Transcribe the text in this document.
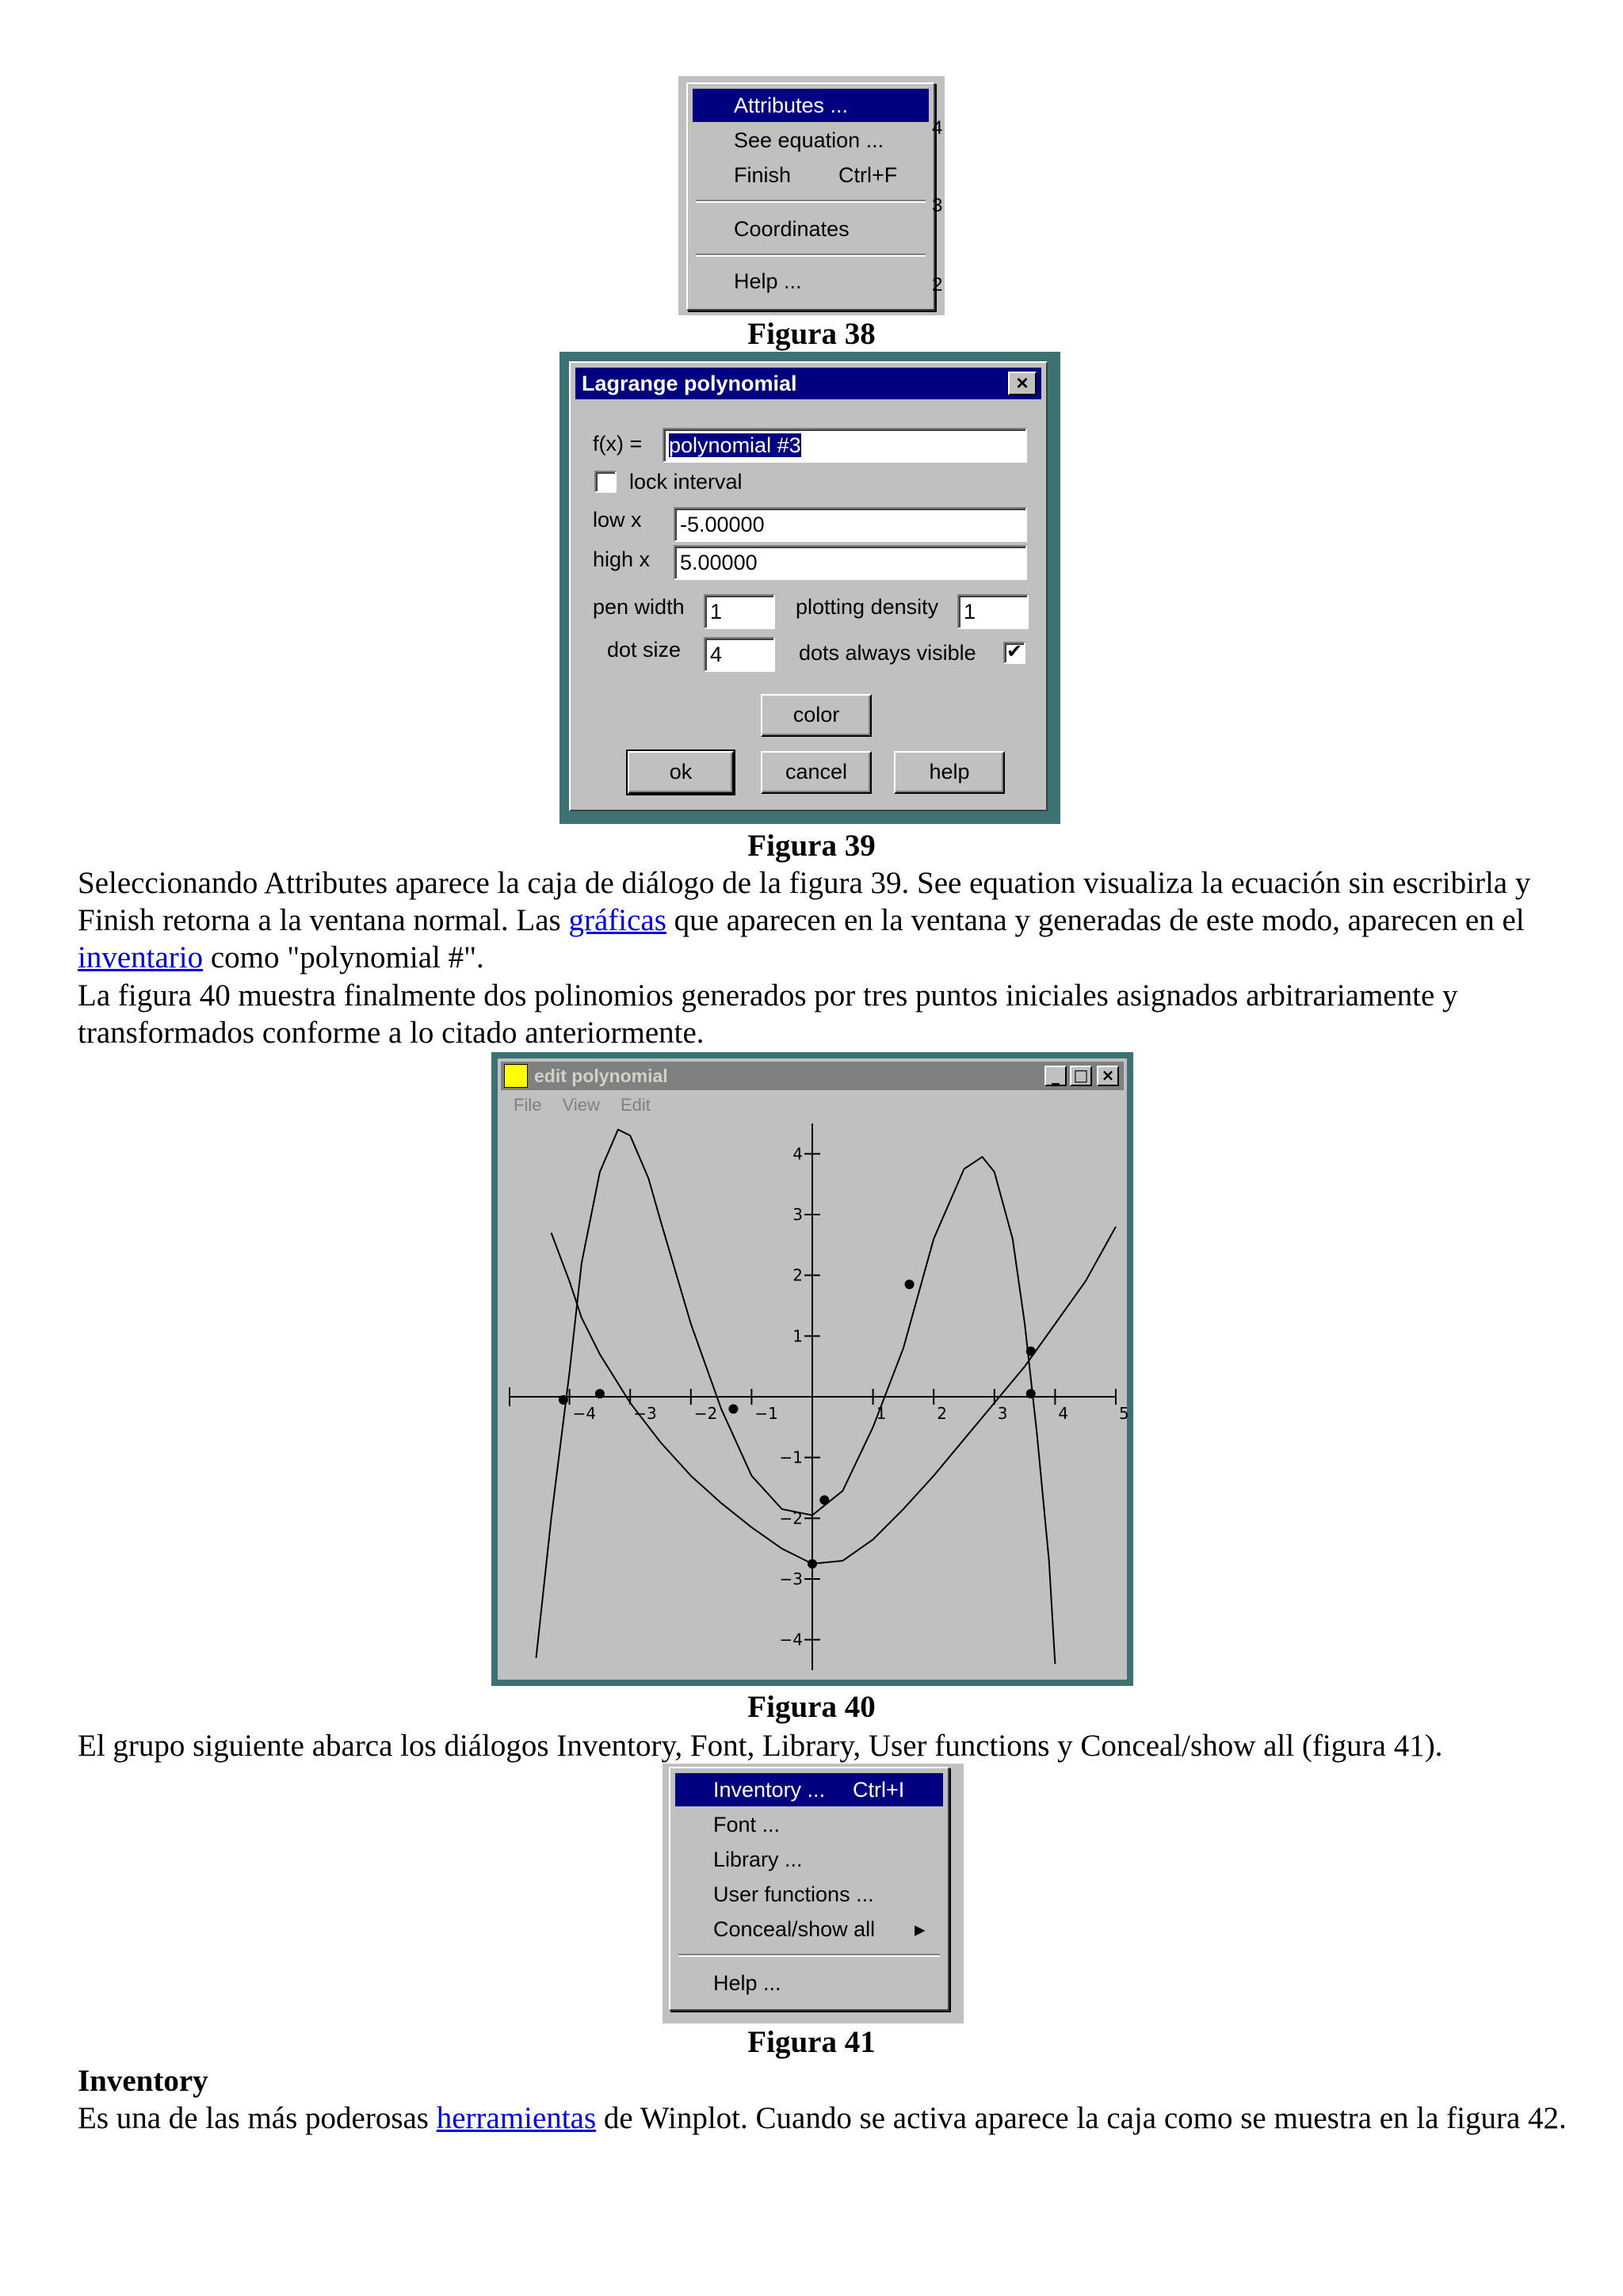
Attributes ...
See equation ...
Finish Ctrl+F
Coordinates
Help ...
4
3
2
Figura 38
Lagrange polynomial	×
f(x) = polynomial #3
lock interval
low x -5.00000
high x 5.00000
pen width 1	plotting density 1
dot size 4	dots always visible ✔
color
ok	cancel	help
Figura 39
Seleccionando Attributes aparece la caja de diálogo de la figura 39. See equation visualiza la ecuación sin escribirla y Finish retorna a la ventana normal. Las gráficas que aparecen en la ventana y generadas de este modo, aparecen en el inventario como "polynomial #".
La figura 40 muestra finalmente dos polinomios generados por tres puntos iniciales asignados arbitrariamente y transformados conforme a lo citado anteriormente.
edit polynomial	_ □ ×
File View Edit
−4 −3 −2 −1	1	2	3	4	5
4
3
2
1
−1
−2
−3
−4
Figura 40
El grupo siguiente abarca los diálogos Inventory, Font, Library, User functions y Conceal/show all (figura 41).
Inventory ... Ctrl+I
Font ...
Library ...
User functions ...
Conceal/show all ▸
Help ...
Figura 41
Inventory
Es una de las más poderosas herramientas de Winplot. Cuando se activa aparece la caja como se muestra en la figura 42.
